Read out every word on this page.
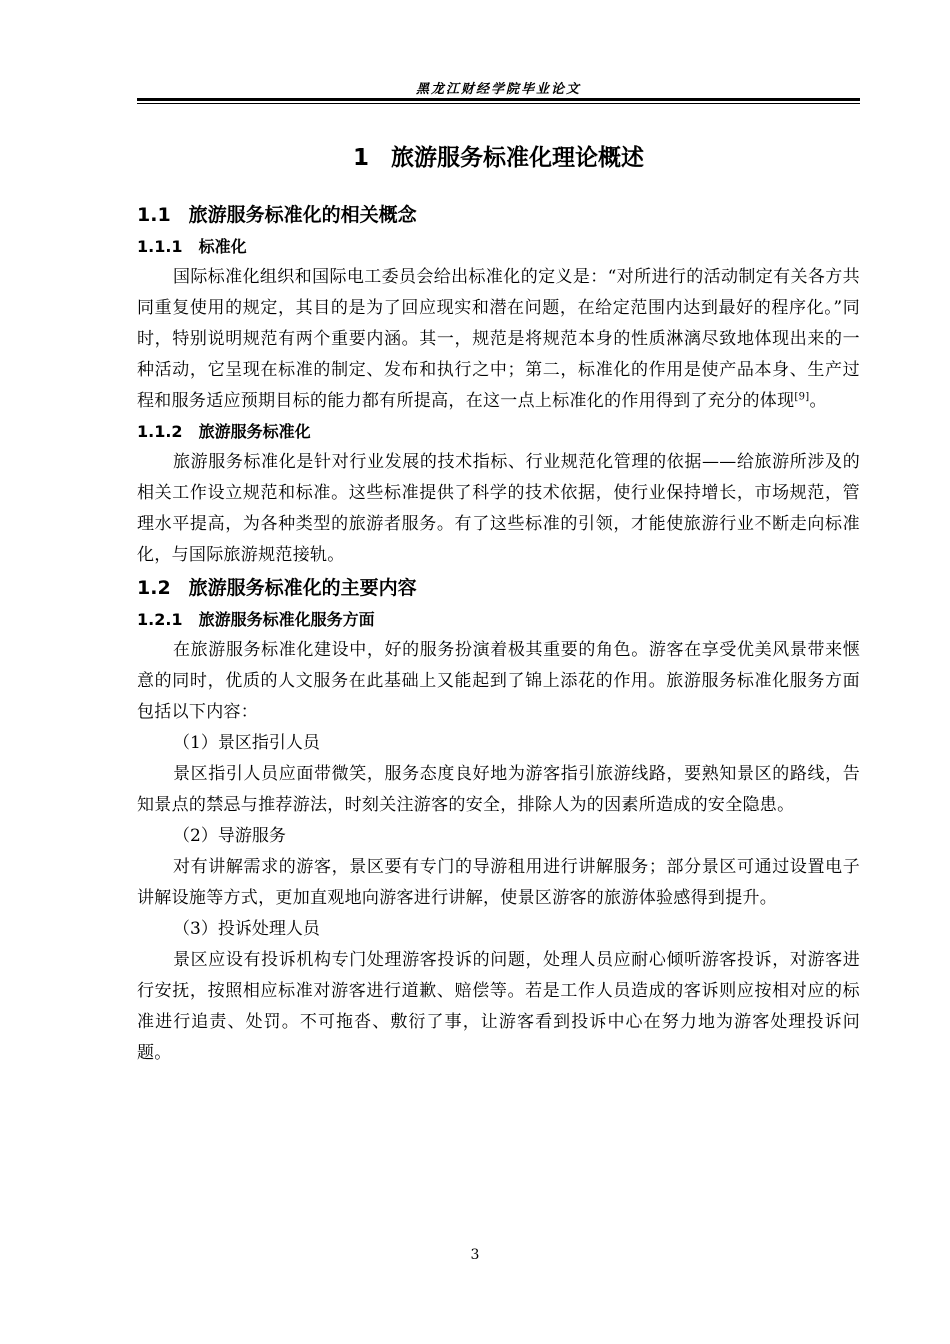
黑龙江财经学院毕业论文
1 旅游服务标准化理论概述
1.1 旅游服务标准化的相关概念
1.1.1 标准化

国际标准化组织和国际电工委员会给出标准化的定义是：“对所进行的活动制定有关各方共同重复使用的规定，其目的是为了回应现实和潜在问题，在给定范围内达到最好的程序化。”同时，特别说明规范有两个重要内涵。其一，规范是将规范本身的性质淋漓尽致地体现出来的一种活动，它呈现在标准的制定、发布和执行之中；第二，标准化的作用是使产品本身、生产过程和服务适应预期目标的能力都有所提高，在这一点上标准化的作用得到了充分的体现[9]。

1.1.2 旅游服务标准化

旅游服务标准化是针对行业发展的技术指标、行业规范化管理的依据——给旅游所涉及的相关工作设立规范和标准。这些标准提供了科学的技术依据，使行业保持增长，市场规范，管理水平提高，为各种类型的旅游者服务。有了这些标准的引领，才能使旅游行业不断走向标准化，与国际旅游规范接轨。

1.2 旅游服务标准化的主要内容
1.2.1 旅游服务标准化服务方面

在旅游服务标准化建设中，好的服务扮演着极其重要的角色。游客在享受优美风景带来惬意的同时，优质的人文服务在此基础上又能起到了锦上添花的作用。旅游服务标准化服务方面包括以下内容：

（1）景区指引人员

景区指引人员应面带微笑，服务态度良好地为游客指引旅游线路，要熟知景区的路线，告知景点的禁忌与推荐游法，时刻关注游客的安全，排除人为的因素所造成的安全隐患。

（2）导游服务

对有讲解需求的游客，景区要有专门的导游租用进行讲解服务；部分景区可通过设置电子讲解设施等方式，更加直观地向游客进行讲解，使景区游客的旅游体验感得到提升。

（3）投诉处理人员

景区应设有投诉机构专门处理游客投诉的问题，处理人员应耐心倾听游客投诉，对游客进行安抚，按照相应标准对游客进行道歉、赔偿等。若是工作人员造成的客诉则应按相对应的标准进行追责、处罚。不可拖沓、敷衍了事，让游客看到投诉中心在努力地为游客处理投诉问题。

3
